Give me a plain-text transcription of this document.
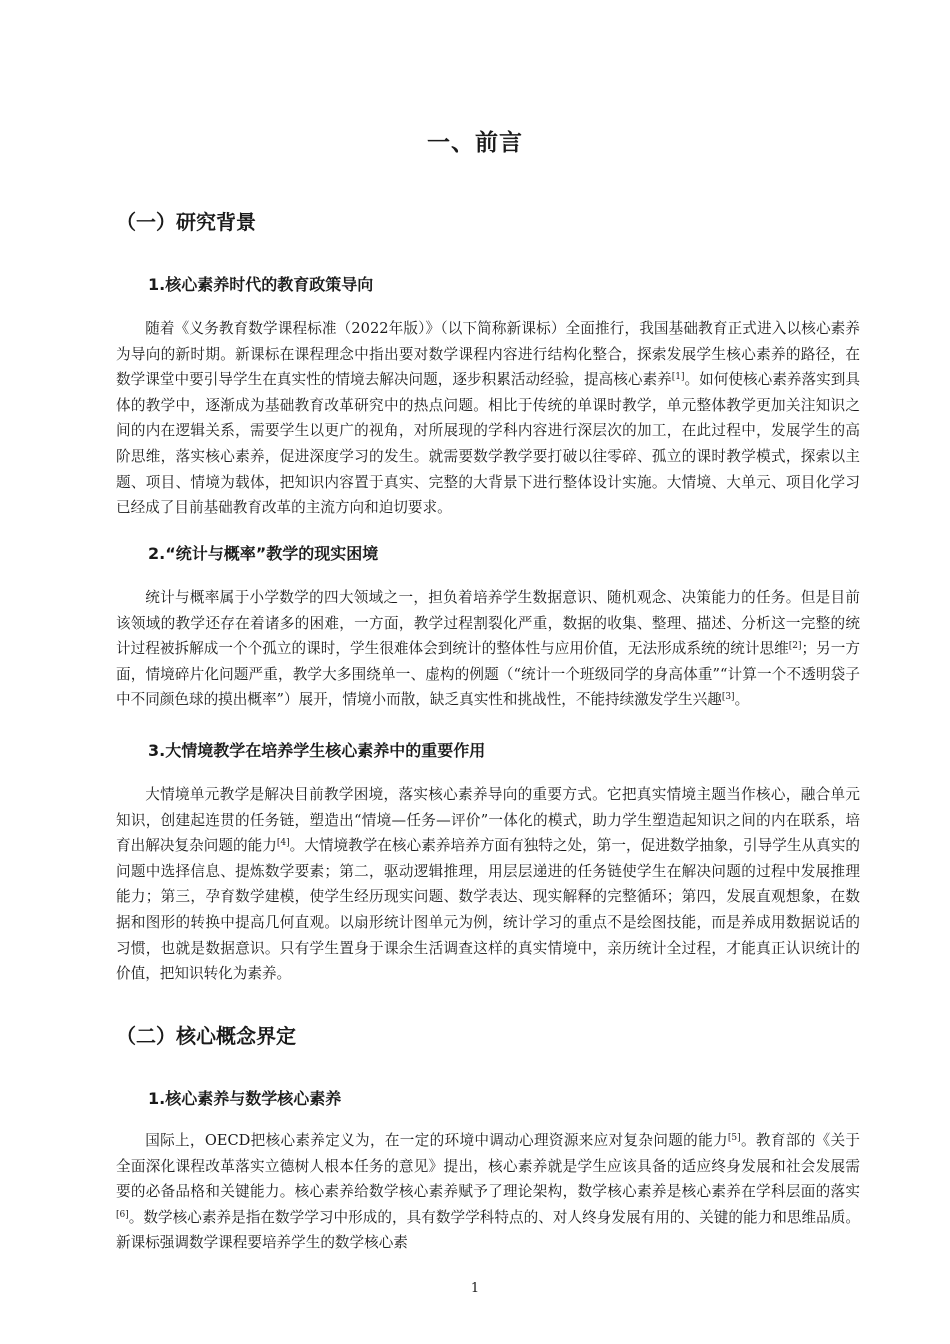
一、前言
（一）研究背景
1.核心素养时代的教育政策导向

随着《义务教育数学课程标准（2022年版）》（以下简称新课标）全面推行，我国基础教育正式进入以核心素养为导向的新时期。新课标在课程理念中指出要对数学课程内容进行结构化整合，探索发展学生核心素养的路径，在数学课堂中要引导学生在真实性的情境去解决问题，逐步积累活动经验，提高核心素养[1]。如何使核心素养落实到具体的教学中，逐渐成为基础教育改革研究中的热点问题。相比于传统的单课时教学，单元整体教学更加关注知识之间的内在逻辑关系，需要学生以更广的视角，对所展现的学科内容进行深层次的加工，在此过程中，发展学生的高阶思维，落实核心素养，促进深度学习的发生。就需要数学教学要打破以往零碎、孤立的课时教学模式，探索以主题、项目、情境为载体，把知识内容置于真实、完整的大背景下进行整体设计实施。大情境、大单元、项目化学习已经成了目前基础教育改革的主流方向和迫切要求。

2.“统计与概率”教学的现实困境

统计与概率属于小学数学的四大领域之一，担负着培养学生数据意识、随机观念、决策能力的任务。但是目前该领域的教学还存在着诸多的困难，一方面，教学过程割裂化严重，数据的收集、整理、描述、分析这一完整的统计过程被拆解成一个个孤立的课时，学生很难体会到统计的整体性与应用价值，无法形成系统的统计思维[2]；另一方面，情境碎片化问题严重，教学大多围绕单一、虚构的例题（“统计一个班级同学的身高体重”“计算一个不透明袋子中不同颜色球的摸出概率”）展开，情境小而散，缺乏真实性和挑战性，不能持续激发学生兴趣[3]。

3.大情境教学在培养学生核心素养中的重要作用

大情境单元教学是解决目前教学困境，落实核心素养导向的重要方式。它把真实情境主题当作核心，融合单元知识，创建起连贯的任务链，塑造出“情境—任务—评价”一体化的模式，助力学生塑造起知识之间的内在联系，培育出解决复杂问题的能力[4]。大情境教学在核心素养培养方面有独特之处，第一，促进数学抽象，引导学生从真实的问题中选择信息、提炼数学要素；第二，驱动逻辑推理，用层层递进的任务链使学生在解决问题的过程中发展推理能力；第三，孕育数学建模，使学生经历现实问题、数学表达、现实解释的完整循环；第四，发展直观想象，在数据和图形的转换中提高几何直观。以扇形统计图单元为例，统计学习的重点不是绘图技能，而是养成用数据说话的习惯，也就是数据意识。只有学生置身于课余生活调查这样的真实情境中，亲历统计全过程，才能真正认识统计的价值，把知识转化为素养。

（二）核心概念界定
1.核心素养与数学核心素养

国际上，OECD把核心素养定义为，在一定的环境中调动心理资源来应对复杂问题的能力[5]。教育部的《关于全面深化课程改革落实立德树人根本任务的意见》提出，核心素养就是学生应该具备的适应终身发展和社会发展需要的必备品格和关键能力。核心素养给数学核心素养赋予了理论架构，数学核心素养是核心素养在学科层面的落实[6]。数学核心素养是指在数学学习中形成的，具有数学学科特点的、对人终身发展有用的、关键的能力和思维品质。新课标强调数学课程要培养学生的数学核心素

1
